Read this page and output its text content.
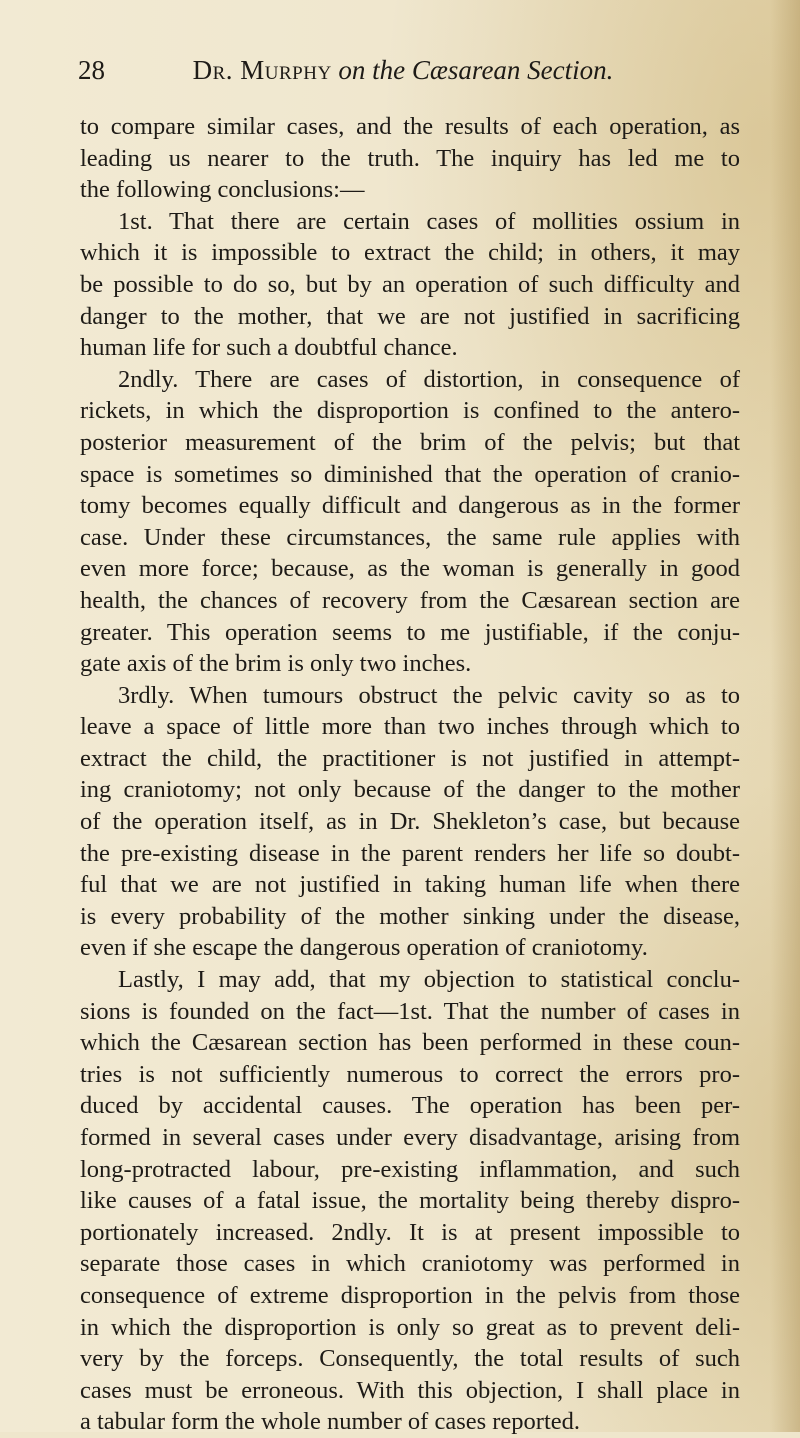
28	Dr. Murphy on the Cæsarean Section.
to compare similar cases, and the results of each operation, as
leading us nearer to the truth. The inquiry has led me to
the following conclusions:—
1st. That there are certain cases of mollities ossium in
which it is impossible to extract the child; in others, it may
be possible to do so, but by an operation of such difficulty and
danger to the mother, that we are not justified in sacrificing
human life for such a doubtful chance.
2ndly. There are cases of distortion, in consequence of
rickets, in which the disproportion is confined to the antero-
posterior measurement of the brim of the pelvis; but that
space is sometimes so diminished that the operation of cranio-
tomy becomes equally difficult and dangerous as in the former
case. Under these circumstances, the same rule applies with
even more force; because, as the woman is generally in good
health, the chances of recovery from the Cæsarean section are
greater. This operation seems to me justifiable, if the conju-
gate axis of the brim is only two inches.
3rdly. When tumours obstruct the pelvic cavity so as to
leave a space of little more than two inches through which to
extract the child, the practitioner is not justified in attempt-
ing craniotomy; not only because of the danger to the mother
of the operation itself, as in Dr. Shekleton’s case, but because
the pre-existing disease in the parent renders her life so doubt-
ful that we are not justified in taking human life when there
is every probability of the mother sinking under the disease,
even if she escape the dangerous operation of craniotomy.
Lastly, I may add, that my objection to statistical conclu-
sions is founded on the fact—1st. That the number of cases in
which the Cæsarean section has been performed in these coun-
tries is not sufficiently numerous to correct the errors pro-
duced by accidental causes. The operation has been per-
formed in several cases under every disadvantage, arising from
long-protracted labour, pre-existing inflammation, and such
like causes of a fatal issue, the mortality being thereby dispro-
portionately increased. 2ndly. It is at present impossible to
separate those cases in which craniotomy was performed in
consequence of extreme disproportion in the pelvis from those
in which the disproportion is only so great as to prevent deli-
very by the forceps. Consequently, the total results of such
cases must be erroneous. With this objection, I shall place in
a tabular form the whole number of cases reported.
